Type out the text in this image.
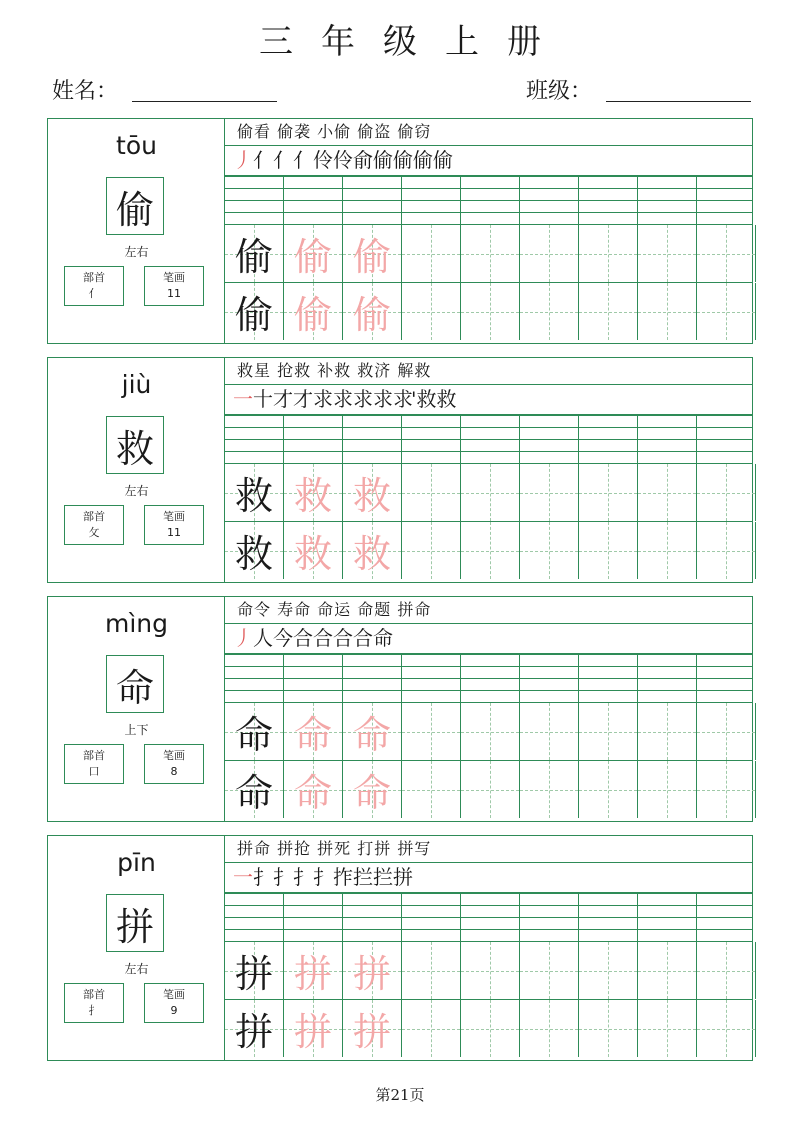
三年级上册
姓名：	班级：
tōu
偷
左右
部首
亻
笔画
11
偷看 偷袭 小偷 偷盗 偷窃
丿 亻 亻 亻 伶 伶 俞 偷 偷 偷 偷
偷 偷 偷
偷 偷 偷
jiù
救
左右
部首
攵
笔画
11
救星 抢救 补救 救济 解救
一 十 才 才 求 求 求 求 求' 救 救
救 救 救
救 救 救
mìng
命
上下
部首
口
笔画
8
命令 寿命 命运 命题 拼命
丿 人 今 合 合 合 合 命
命 命 命
命 命 命
pīn
拼
左右
部首
扌
笔画
9
拼命 拼抢 拼死 打拼 拼写
一 扌 扌 扌 扌 拃 拦 拦 拼
拼 拼 拼
拼 拼 拼
第21页
